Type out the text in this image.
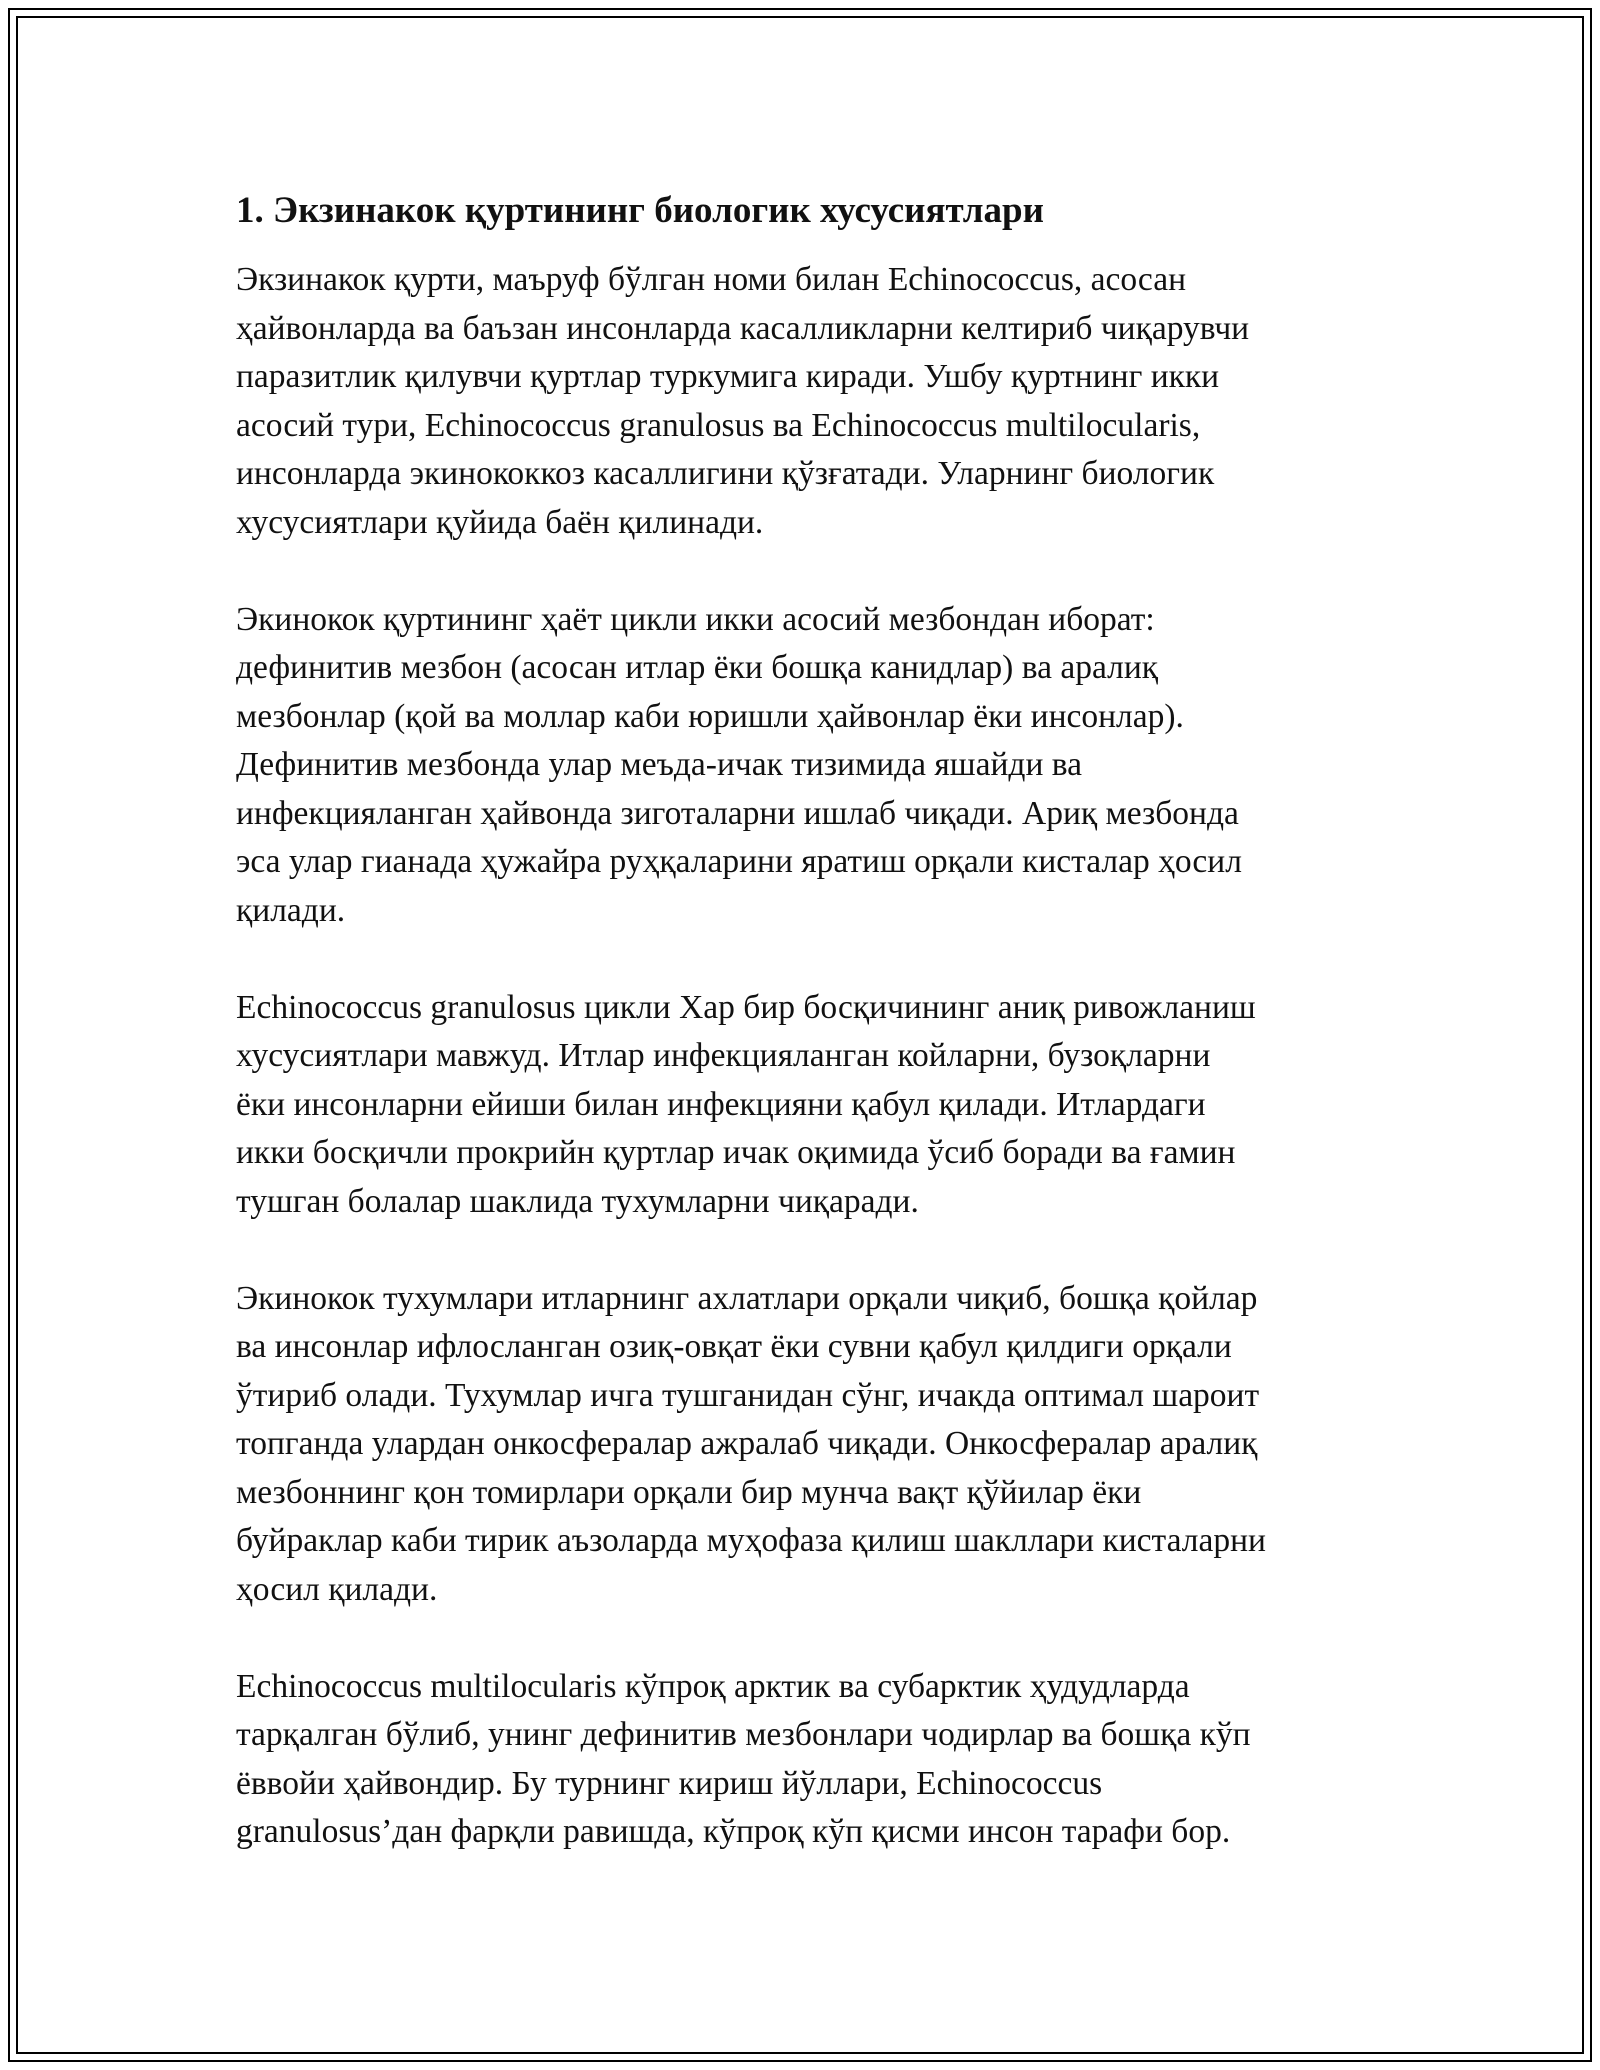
1. Экзинакок қуртининг биологик хусусиятлари
Экзинакок қурти, маъруф бўлган номи билан Echinococcus, асосан
ҳайвонларда ва баъзан инсонларда касалликларни келтириб чиқарувчи
паразитлик қилувчи қуртлар туркумига киради. Ушбу қуртнинг икки
асосий тури, Echinococcus granulosus ва Echinococcus multilocularis,
инсонларда экинококкоз касаллигини қўзғатади. Уларнинг биологик
хусусиятлари қуйида баён қилинади.
Экинокок қуртининг ҳаёт цикли икки асосий мезбондан иборат:
дефинитив мезбон (асосан итлар ёки бошқа канидлар) ва аралиқ
мезбонлар (қой ва моллар каби юришли ҳайвонлар ёки инсонлар).
Дефинитив мезбонда улар меъда-ичак тизимида яшайди ва
инфекцияланган ҳайвонда зиготаларни ишлаб чиқади. Ариқ мезбонда
эса улар гианада ҳужайра руҳқаларини яратиш орқали кисталар ҳосил
қилади.
Echinococcus granulosus цикли Хар бир босқичининг аниқ ривожланиш
хусусиятлари мавжуд. Итлар инфекцияланган койларни, бузоқларни
ёки инсонларни ейиши билан инфекцияни қабул қилади. Итлардаги
икки босқичли прокрийн қуртлар ичак оқимида ўсиб боради ва ғамин
тушган болалар шаклида тухумларни чиқаради.
Экинокок тухумлари итларнинг ахлатлари орқали чиқиб, бошқа қойлар
ва инсонлар ифлосланган озиқ-овқат ёки сувни қабул қилдиги орқали
ўтириб олади. Тухумлар ичга тушганидан сўнг, ичакда оптимал шароит
топганда улардан онкосфералар ажралаб чиқади. Онкосфералар аралиқ
мезбоннинг қон томирлари орқали бир мунча вақт қўйилар ёки
буйраклар каби тирик аъзоларда муҳофаза қилиш шакллари кисталарни
ҳосил қилади.
Echinococcus multilocularis кўпроқ арктик ва субарктик ҳудудларда
тарқалган бўлиб, унинг дефинитив мезбонлари чодирлар ва бошқа кўп
ёввойи ҳайвондир. Бу турнинг кириш йўллари, Echinococcus
granulosus’дан фарқли равишда, кўпроқ кўп қисми инсон тарафи бор.
